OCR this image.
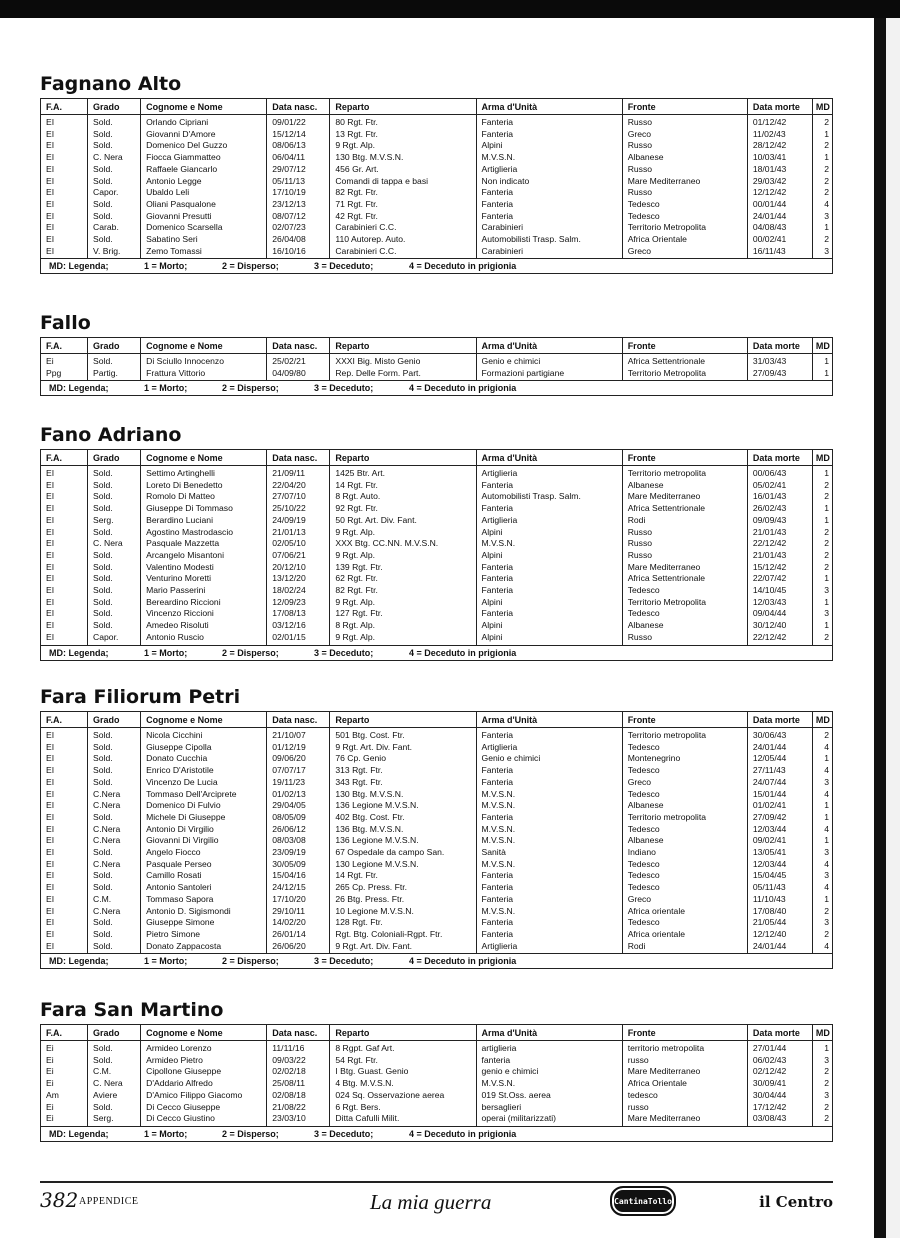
Fagnano Alto
F.A.	Grado	Cognome e Nome	Data nasc.	Reparto	Arma d'Unità	Fronte	Data morte	MD
EI	Sold.	Orlando Cipriani	09/01/22	80 Rgt. Ftr.	Fanteria	Russo	01/12/42	2
EI	Sold.	Giovanni D'Amore	15/12/14	13 Rgt. Ftr.	Fanteria	Greco	11/02/43	1
EI	Sold.	Domenico Del Guzzo	08/06/13	9 Rgt. Alp.	Alpini	Russo	28/12/42	2
EI	C. Nera	Fiocca Giammatteo	06/04/11	130 Btg. M.V.S.N.	M.V.S.N.	Albanese	10/03/41	1
EI	Sold.	Raffaele Giancarlo	29/07/12	456 Gr. Art.	Artiglieria	Russo	18/01/43	2
EI	Sold.	Antonio Legge	05/11/13	Comandi di tappa e basi	Non indicato	Mare Mediterraneo	29/03/42	2
EI	Capor.	Ubaldo Leli	17/10/19	82 Rgt. Ftr.	Fanteria	Russo	12/12/42	2
EI	Sold.	Oliani Pasqualone	23/12/13	71 Rgt. Ftr.	Fanteria	Tedesco	00/01/44	4
EI	Sold.	Giovanni Presutti	08/07/12	42 Rgt. Ftr.	Fanteria	Tedesco	24/01/44	3
EI	Carab.	Domenico Scarsella	02/07/23	Carabinieri C.C.	Carabinieri	Territorio Metropolita	04/08/43	1
EI	Sold.	Sabatino Seri	26/04/08	110 Autorep. Auto.	Automobilisti Trasp. Salm.	Africa Orientale	00/02/41	2
EI	V. Brig.	Zemo Tomassi	16/10/16	Carabinieri C.C.	Carabinieri	Greco	16/11/43	3
MD: Legenda; 1 = Morto; 2 = Disperso; 3 = Deceduto; 4 = Deceduto in prigionia								
Fallo
F.A.	Grado	Cognome e Nome	Data nasc.	Reparto	Arma d'Unità	Fronte	Data morte	MD
Ei	Sold.	Di Sciullo Innocenzo	25/02/21	XXXI Big. Misto Genio	Genio e chimici	Africa Settentrionale	31/03/43	1
Ppg	Partig.	Frattura Vittorio	04/09/80	Rep. Delle Form. Part.	Formazioni partigiane	Territorio Metropolita	27/09/43	1
MD: Legenda; 1 = Morto; 2 = Disperso; 3 = Deceduto; 4 = Deceduto in prigionia								
Fano Adriano
F.A.	Grado	Cognome e Nome	Data nasc.	Reparto	Arma d'Unità	Fronte	Data morte	MD
EI	Sold.	Settimo Artinghelli	21/09/11	1425 Btr. Art.	Artiglieria	Territorio metropolita	00/06/43	1
EI	Sold.	Loreto Di Benedetto	22/04/20	14 Rgt. Ftr.	Fanteria	Albanese	05/02/41	2
EI	Sold.	Romolo Di Matteo	27/07/10	8 Rgt. Auto.	Automobilisti Trasp. Salm.	Mare Mediterraneo	16/01/43	2
EI	Sold.	Giuseppe Di Tommaso	25/10/22	92 Rgt. Ftr.	Fanteria	Africa Settentrionale	26/02/43	1
EI	Serg.	Berardino Luciani	24/09/19	50 Rgt. Art. Div. Fant.	Artiglieria	Rodi	09/09/43	1
EI	Sold.	Agostino Mastrodascio	21/01/13	9 Rgt. Alp.	Alpini	Russo	21/01/43	2
EI	C. Nera	Pasquale Mazzetta	02/05/10	XXX Btg. CC.NN. M.V.S.N.	M.V.S.N.	Russo	22/12/42	2
EI	Sold.	Arcangelo Misantoni	07/06/21	9 Rgt. Alp.	Alpini	Russo	21/01/43	2
EI	Sold.	Valentino Modesti	20/12/10	139 Rgt. Ftr.	Fanteria	Mare Mediterraneo	15/12/42	2
EI	Sold.	Venturino Moretti	13/12/20	62 Rgt. Ftr.	Fanteria	Africa Settentrionale	22/07/42	1
EI	Sold.	Mario Passerini	18/02/24	82 Rgt. Ftr.	Fanteria	Tedesco	14/10/45	3
EI	Sold.	Bereardino Riccioni	12/09/23	9 Rgt. Alp.	Alpini	Territorio Metropolita	12/03/43	1
EI	Sold.	Vincenzo Riccioni	17/08/13	127 Rgt. Ftr.	Fanteria	Tedesco	09/04/44	3
EI	Sold.	Amedeo Risoluti	03/12/16	8 Rgt. Alp.	Alpini	Albanese	30/12/40	1
EI	Capor.	Antonio Ruscio	02/01/15	9 Rgt. Alp.	Alpini	Russo	22/12/42	2
MD: Legenda; 1 = Morto; 2 = Disperso; 3 = Deceduto; 4 = Deceduto in prigionia								
Fara Filiorum Petri
F.A.	Grado	Cognome e Nome	Data nasc.	Reparto	Arma d'Unità	Fronte	Data morte	MD
EI	Sold.	Nicola Cicchini	21/10/07	501 Btg. Cost. Ftr.	Fanteria	Territorio metropolita	30/06/43	2
EI	Sold.	Giuseppe Cipolla	01/12/19	9 Rgt. Art. Div. Fant.	Artiglieria	Tedesco	24/01/44	4
EI	Sold.	Donato Cucchia	09/06/20	76 Cp. Genio	Genio e chimici	Montenegrino	12/05/44	1
EI	Sold.	Enrico D'Aristotile	07/07/17	313 Rgt. Ftr.	Fanteria	Tedesco	27/11/43	4
EI	Sold.	Vincenzo De Lucia	19/11/23	343 Rgt. Ftr.	Fanteria	Greco	24/07/44	3
EI	C.Nera	Tommaso Dell'Arciprete	01/02/13	130 Btg. M.V.S.N.	M.V.S.N.	Tedesco	15/01/44	4
EI	C.Nera	Domenico Di Fulvio	29/04/05	136 Legione M.V.S.N.	M.V.S.N.	Albanese	01/02/41	1
EI	Sold.	Michele Di Giuseppe	08/05/09	402 Btg. Cost. Ftr.	Fanteria	Territorio metropolita	27/09/42	1
EI	C.Nera	Antonio Di Virgilio	26/06/12	136 Btg. M.V.S.N.	M.V.S.N.	Tedesco	12/03/44	4
EI	C.Nera	Giovanni Di Virgilio	08/03/08	136 Legione M.V.S.N.	M.V.S.N.	Albanese	09/02/41	1
EI	Sold.	Angelo Fiocco	23/09/19	67 Ospedale da campo San.	Sanità	Indiano	13/05/41	3
EI	C.Nera	Pasquale Perseo	30/05/09	130 Legione M.V.S.N.	M.V.S.N.	Tedesco	12/03/44	4
EI	Sold.	Camillo Rosati	15/04/16	14 Rgt. Ftr.	Fanteria	Tedesco	15/04/45	3
EI	Sold.	Antonio Santoleri	24/12/15	265 Cp. Press. Ftr.	Fanteria	Tedesco	05/11/43	4
EI	C.M.	Tommaso Sapora	17/10/20	26 Btg. Press. Ftr.	Fanteria	Greco	11/10/43	1
EI	C.Nera	Antonio D. Sigismondi	29/10/11	10 Legione M.V.S.N.	M.V.S.N.	Africa orientale	17/08/40	2
EI	Sold.	Giuseppe Simone	14/02/20	128 Rgt. Ftr.	Fanteria	Tedesco	21/05/44	3
EI	Sold.	Pietro Simone	26/01/14	Rgt. Btg. Coloniali-Rgpt. Ftr.	Fanteria	Africa orientale	12/12/40	2
EI	Sold.	Donato Zappacosta	26/06/20	9 Rgt. Art. Div. Fant.	Artiglieria	Rodi	24/01/44	4
MD: Legenda; 1 = Morto; 2 = Disperso; 3 = Deceduto; 4 = Deceduto in prigionia								
Fara San Martino
F.A.	Grado	Cognome e Nome	Data nasc.	Reparto	Arma d'Unità	Fronte	Data morte	MD
Ei	Sold.	Armideo Lorenzo	11/11/16	8 Rgpt. Gaf Art.	artiglieria	territorio metropolita	27/01/44	1
Ei	Sold.	Armideo Pietro	09/03/22	54 Rgt. Ftr.	fanteria	russo	06/02/43	3
Ei	C.M.	Cipollone Giuseppe	02/02/18	I Btg. Guast. Genio	genio e chimici	Mare Mediterraneo	02/12/42	2
Ei	C. Nera	D'Addario Alfredo	25/08/11	4 Btg. M.V.S.N.	M.V.S.N.	Africa Orientale	30/09/41	2
Am	Aviere	D'Amico Filippo Giacomo	02/08/18	024 Sq. Osservazione aerea	019 St.Oss. aerea	tedesco	30/04/44	3
Ei	Sold.	Di Cecco Giuseppe	21/08/22	6 Rgt. Bers.	bersaglieri	russo	17/12/42	2
Ei	Serg.	Di Cecco Giustino	23/03/10	Ditta Cafulli Milit.	operai (militarizzati)	Mare Mediterraneo	03/08/43	2
MD: Legenda; 1 = Morto; 2 = Disperso; 3 = Deceduto; 4 = Deceduto in prigionia								
382 APPENDICE	La mia guerra	CantinaTollo	il Centro
